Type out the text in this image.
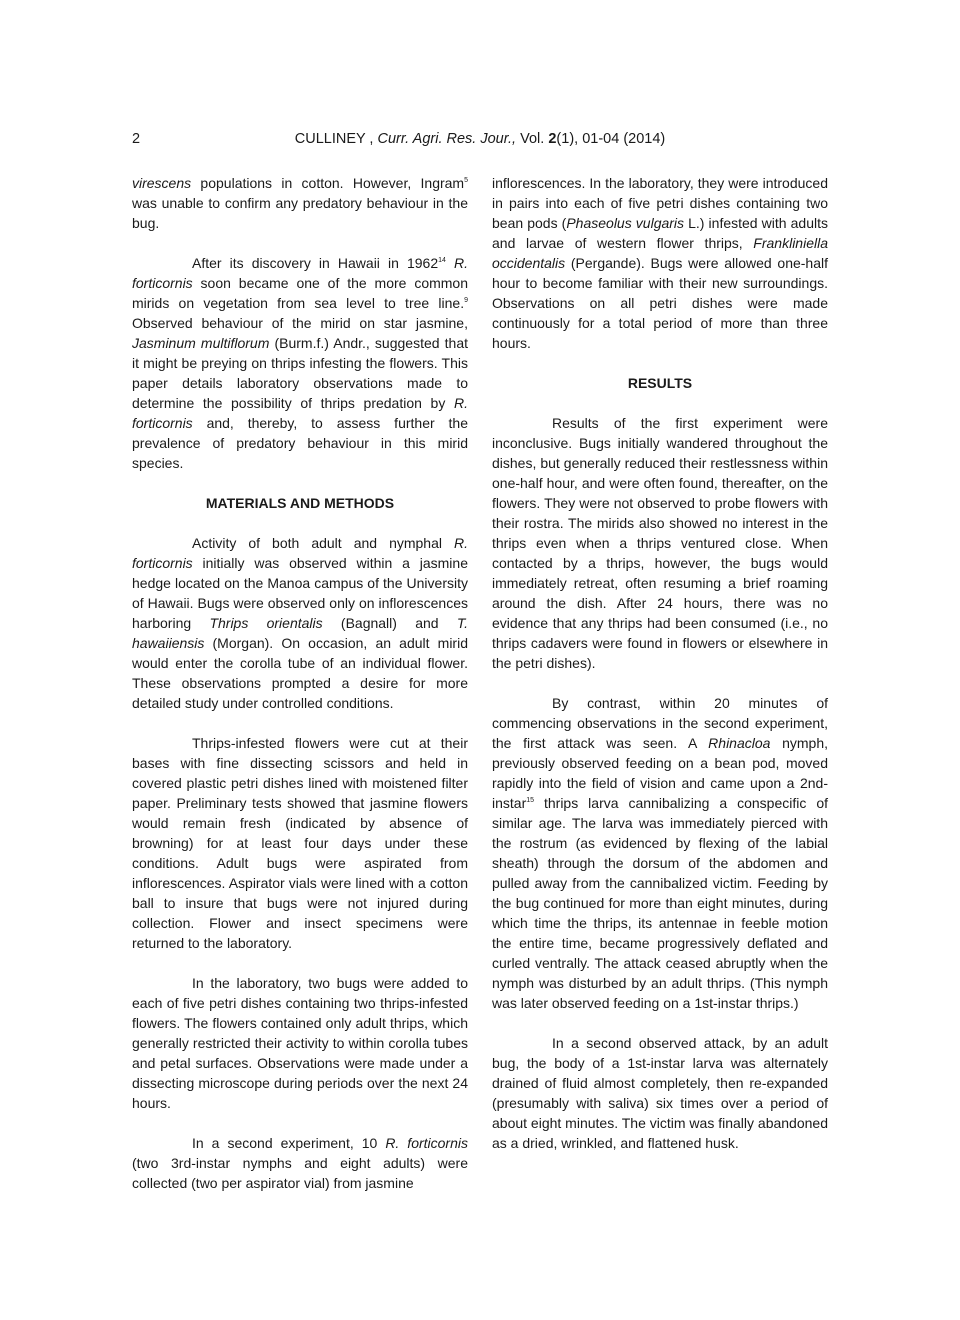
2	CULLINEY , Curr. Agri. Res. Jour., Vol. 2(1), 01-04 (2014)

virescens populations in cotton. However, Ingram$^5$ was unable to confirm any predatory behaviour in the bug.

After its discovery in Hawaii in 1962$^{14}$ R. forticornis soon became one of the more common mirids on vegetation from sea level to tree line.$^9$ Observed behaviour of the mirid on star jasmine, Jasminum multiflorum (Burm.f.) Andr., suggested that it might be preying on thrips infesting the flowers. This paper details laboratory observations made to determine the possibility of thrips predation by R. forticornis and, thereby, to assess further the prevalence of predatory behaviour in this mirid species.

MATERIALS AND METHODS

Activity of both adult and nymphal R. forticornis initially was observed within a jasmine hedge located on the Manoa campus of the University of Hawaii. Bugs were observed only on inflorescences harboring Thrips orientalis (Bagnall) and T. hawaiiensis (Morgan). On occasion, an adult mirid would enter the corolla tube of an individual flower. These observations prompted a desire for more detailed study under controlled conditions.

Thrips-infested flowers were cut at their bases with fine dissecting scissors and held in covered plastic petri dishes lined with moistened filter paper. Preliminary tests showed that jasmine flowers would remain fresh (indicated by absence of browning) for at least four days under these conditions. Adult bugs were aspirated from inflorescences. Aspirator vials were lined with a cotton ball to insure that bugs were not injured during collection. Flower and insect specimens were returned to the laboratory.

In the laboratory, two bugs were added to each of five petri dishes containing two thrips-infested flowers. The flowers contained only adult thrips, which generally restricted their activity to within corolla tubes and petal surfaces. Observations were made under a dissecting microscope during periods over the next 24 hours.

In a second experiment, 10 R. forticornis (two 3rd-instar nymphs and eight adults) were collected (two per aspirator vial) from jasmine

inflorescences. In the laboratory, they were introduced in pairs into each of five petri dishes containing two bean pods (Phaseolus vulgaris L.) infested with adults and larvae of western flower thrips, Frankliniella occidentalis (Pergande). Bugs were allowed one-half hour to become familiar with their new surroundings. Observations on all petri dishes were made continuously for a total period of more than three hours.

RESULTS

Results of the first experiment were inconclusive. Bugs initially wandered throughout the dishes, but generally reduced their restlessness within one-half hour, and were often found, thereafter, on the flowers. They were not observed to probe flowers with their rostra. The mirids also showed no interest in the thrips even when a thrips ventured close. When contacted by a thrips, however, the bugs would immediately retreat, often resuming a brief roaming around the dish. After 24 hours, there was no evidence that any thrips had been consumed (i.e., no thrips cadavers were found in flowers or elsewhere in the petri dishes).

By contrast, within 20 minutes of commencing observations in the second experiment, the first attack was seen. A Rhinacloa nymph, previously observed feeding on a bean pod, moved rapidly into the field of vision and came upon a 2nd-instar$^{15}$ thrips larva cannibalizing a conspecific of similar age. The larva was immediately pierced with the rostrum (as evidenced by flexing of the labial sheath) through the dorsum of the abdomen and pulled away from the cannibalized victim. Feeding by the bug continued for more than eight minutes, during which time the thrips, its antennae in feeble motion the entire time, became progressively deflated and curled ventrally. The attack ceased abruptly when the nymph was disturbed by an adult thrips. (This nymph was later observed feeding on a 1st-instar thrips.)

In a second observed attack, by an adult bug, the body of a 1st-instar larva was alternately drained of fluid almost completely, then re-expanded (presumably with saliva) six times over a period of about eight minutes. The victim was finally abandoned as a dried, wrinkled, and flattened husk.
